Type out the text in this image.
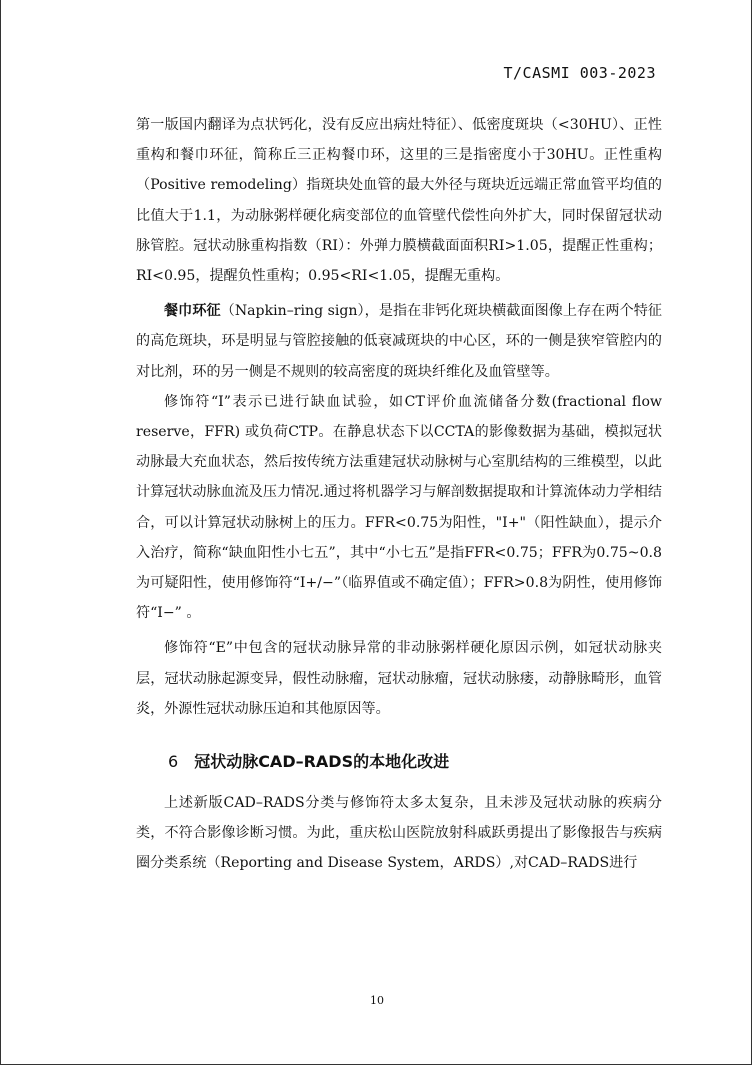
T/CASMI 003-2023

第一版国内翻译为点状钙化，没有反应出病灶特征）、低密度斑块（<30HU）、正性重构和餐巾环征，简称丘三正构餐巾环，这里的三是指密度小于30HU。正性重构（Positive remodeling）指斑块处血管的最大外径与斑块近远端正常血管平均值的比值大于1.1，为动脉粥样硬化病变部位的血管壁代偿性向外扩大，同时保留冠状动脉管腔。冠状动脉重构指数（RI）：外弹力膜横截面面积RI>1.05，提醒正性重构；RI<0.95，提醒负性重构；0.95<RI<1.05，提醒无重构。

餐巾环征（Napkin–ring sign），是指在非钙化斑块横截面图像上存在两个特征的高危斑块，环是明显与管腔接触的低衰减斑块的中心区，环的一侧是狭窄管腔内的对比剂，环的另一侧是不规则的较高密度的斑块纤维化及血管壁等。

修饰符“I”表示已进行缺血试验，如CT评价血流储备分数(fractional flow reserve，FFR) 或负荷CTP。在静息状态下以CCTA的影像数据为基础，模拟冠状动脉最大充血状态，然后按传统方法重建冠状动脉树与心室肌结构的三维模型，以此计算冠状动脉血流及压力情况.通过将机器学习与解剖数据提取和计算流体动力学相结合，可以计算冠状动脉树上的压力。FFR<0.75为阳性，"I+"（阳性缺血），提示介入治疗，简称“缺血阳性小七五”，其中“小七五”是指FFR<0.75；FFR为0.75~0.8为可疑阳性，使用修饰符“I+/−”（临界值或不确定值）；FFR>0.8为阴性，使用修饰符“I−” 。

修饰符“E”中包含的冠状动脉异常的非动脉粥样硬化原因示例，如冠状动脉夹层，冠状动脉起源变异，假性动脉瘤，冠状动脉瘤，冠状动脉瘘，动静脉畸形，血管炎，外源性冠状动脉压迫和其他原因等。

6 冠状动脉CAD–RADS的本地化改进

上述新版CAD–RADS分类与修饰符太多太复杂，且未涉及冠状动脉的疾病分类，不符合影像诊断习惯。为此，重庆松山医院放射科戚跃勇提出了影像报告与疾病圈分类系统（Reporting and Disease System，ARDS）,对CAD–RADS进行

10
